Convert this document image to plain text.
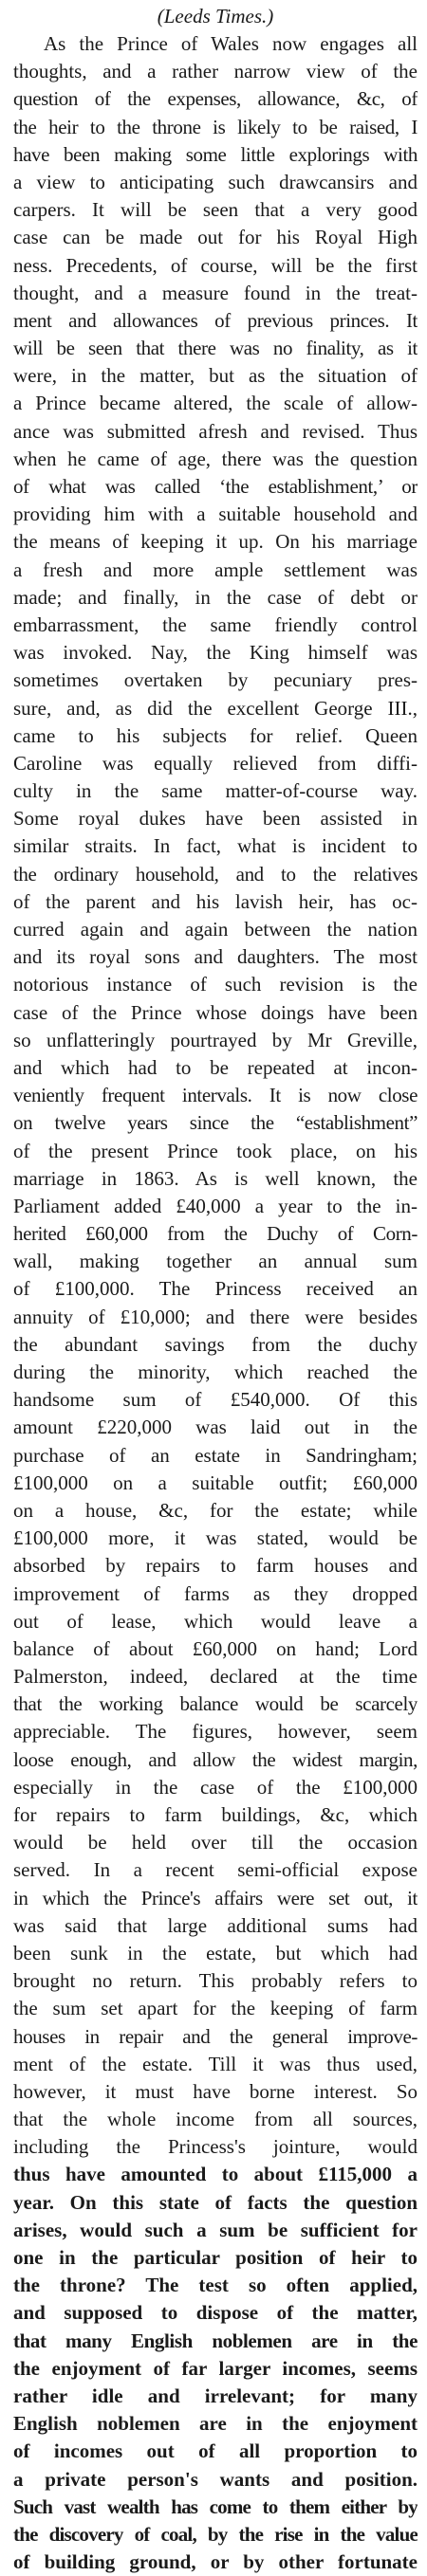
(Leeds Times.)

As the Prince of Wales now engages all
thoughts, and a rather narrow view of the
question of the expenses, allowance, &c, of
the heir to the throne is likely to be raised, I
have been making some little explorings with
a view to anticipating such drawcansirs and
carpers. It will be seen that a very good
case can be made out for his Royal High
ness. Precedents, of course, will be the first
thought, and a measure found in the treat-
ment and allowances of previous princes. It
will be seen that there was no finality, as it
were, in the matter, but as the situation of
a Prince became altered, the scale of allow-
ance was submitted afresh and revised. Thus
when he came of age, there was the question
of what was called ‘the establishment,’ or
providing him with a suitable household and
the means of keeping it up. On his marriage
a fresh and more ample settlement was
made; and finally, in the case of debt or
embarrassment, the same friendly control
was invoked. Nay, the King himself was
sometimes overtaken by pecuniary pres-
sure, and, as did the excellent George III.,
came to his subjects for relief. Queen
Caroline was equally relieved from diffi-
culty in the same matter-of-course way.
Some royal dukes have been assisted in
similar straits. In fact, what is incident to
the ordinary household, and to the relatives
of the parent and his lavish heir, has oc-
curred again and again between the nation
and its royal sons and daughters. The most
notorious instance of such revision is the
case of the Prince whose doings have been
so unflatteringly pourtrayed by Mr Greville,
and which had to be repeated at incon-
veniently frequent intervals. It is now close
on twelve years since the “establishment”
of the present Prince took place, on his
marriage in 1863. As is well known, the
Parliament added £40,000 a year to the in-
herited £60,000 from the Duchy of Corn-
wall, making together an annual sum
of £100,000. The Princess received an
annuity of £10,000; and there were besides
the abundant savings from the duchy
during the minority, which reached the
handsome sum of £540,000. Of this
amount £220,000 was laid out in the
purchase of an estate in Sandringham;
£100,000 on a suitable outfit; £60,000
on a house, &c, for the estate; while
£100,000 more, it was stated, would be
absorbed by repairs to farm houses and
improvement of farms as they dropped
out of lease, which would leave a
balance of about £60,000 on hand; Lord
Palmerston, indeed, declared at the time
that the working balance would be scarcely
appreciable. The figures, however, seem
loose enough, and allow the widest margin,
especially in the case of the £100,000
for repairs to farm buildings, &c, which
would be held over till the occasion
served. In a recent semi-official expose
in which the Prince's affairs were set out, it
was said that large additional sums had
been sunk in the estate, but which had
brought no return. This probably refers to
the sum set apart for the keeping of farm
houses in repair and the general improve-
ment of the estate. Till it was thus used,
however, it must have borne interest. So
that the whole income from all sources,
including the Princess's jointure, would
thus have amounted to about £115,000 a
year. On this state of facts the question
arises, would such a sum be sufficient for
one in the particular position of heir to
the throne? The test so often applied,
and supposed to dispose of the matter,
that many English noblemen are in the
the enjoyment of far larger incomes, seems
rather idle and irrelevant; for many
English noblemen are in the enjoyment
of incomes out of all proportion to
a private person's wants and position.
Such vast wealth has come to them either by
the discovery of coal, by the rise in the value
of building ground, or by other fortunate
